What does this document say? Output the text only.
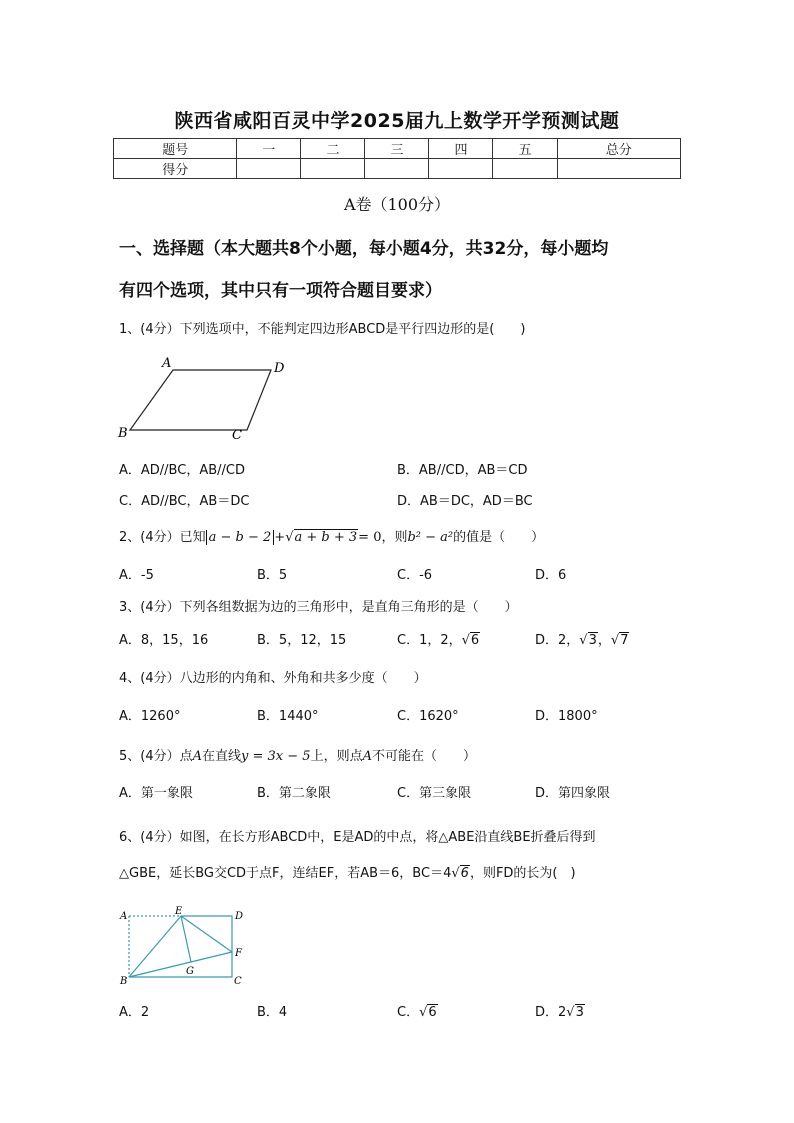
陕西省咸阳百灵中学2025届九上数学开学预测试题
题号	一	二	三	四	五	总分
得分						
A卷（100分）
一、选择题（本大题共8个小题，每小题4分，共32分，每小题均
有四个选项，其中只有一项符合题目要求）
1、(4分）下列选项中，不能判定四边形ABCD是平行四边形的是(　　)
A	D
B	C
A．AD//BC，AB//CD	B．AB//CD，AB＝CD
C．AD//BC，AB＝DC	D．AB＝DC，AD＝BC
2、(4分）已知 a − b − 2 +√a + b + 3= 0，则b² − a²的值是（　　）
A．-5	B．5	C．-6	D．6
3、(4分）下列各组数据为边的三角形中，是直角三角形的是（　　）
A．8，15，16	B．5，12，15	C．1，2，√6	D．2，√3，√7
4、(4分）八边形的内角和、外角和共多少度（　　）
A．1260°	B．1440°	C．1620°	D．1800°
5、(4分）点A在直线y = 3x − 5上，则点A不可能在（　　）
A．第一象限	B．第二象限	C．第三象限	D．第四象限
6、(4分）如图，在长方形ABCD中，E是AD的中点，将△ABE沿直线BE折叠后得到
△GBE，延长BG交CD于点F，连结EF，若AB＝6，BC＝4√6，则FD的长为(　)
A	E	D
F
G
B	C
A．2	B．4	C．√6	D．2√3
